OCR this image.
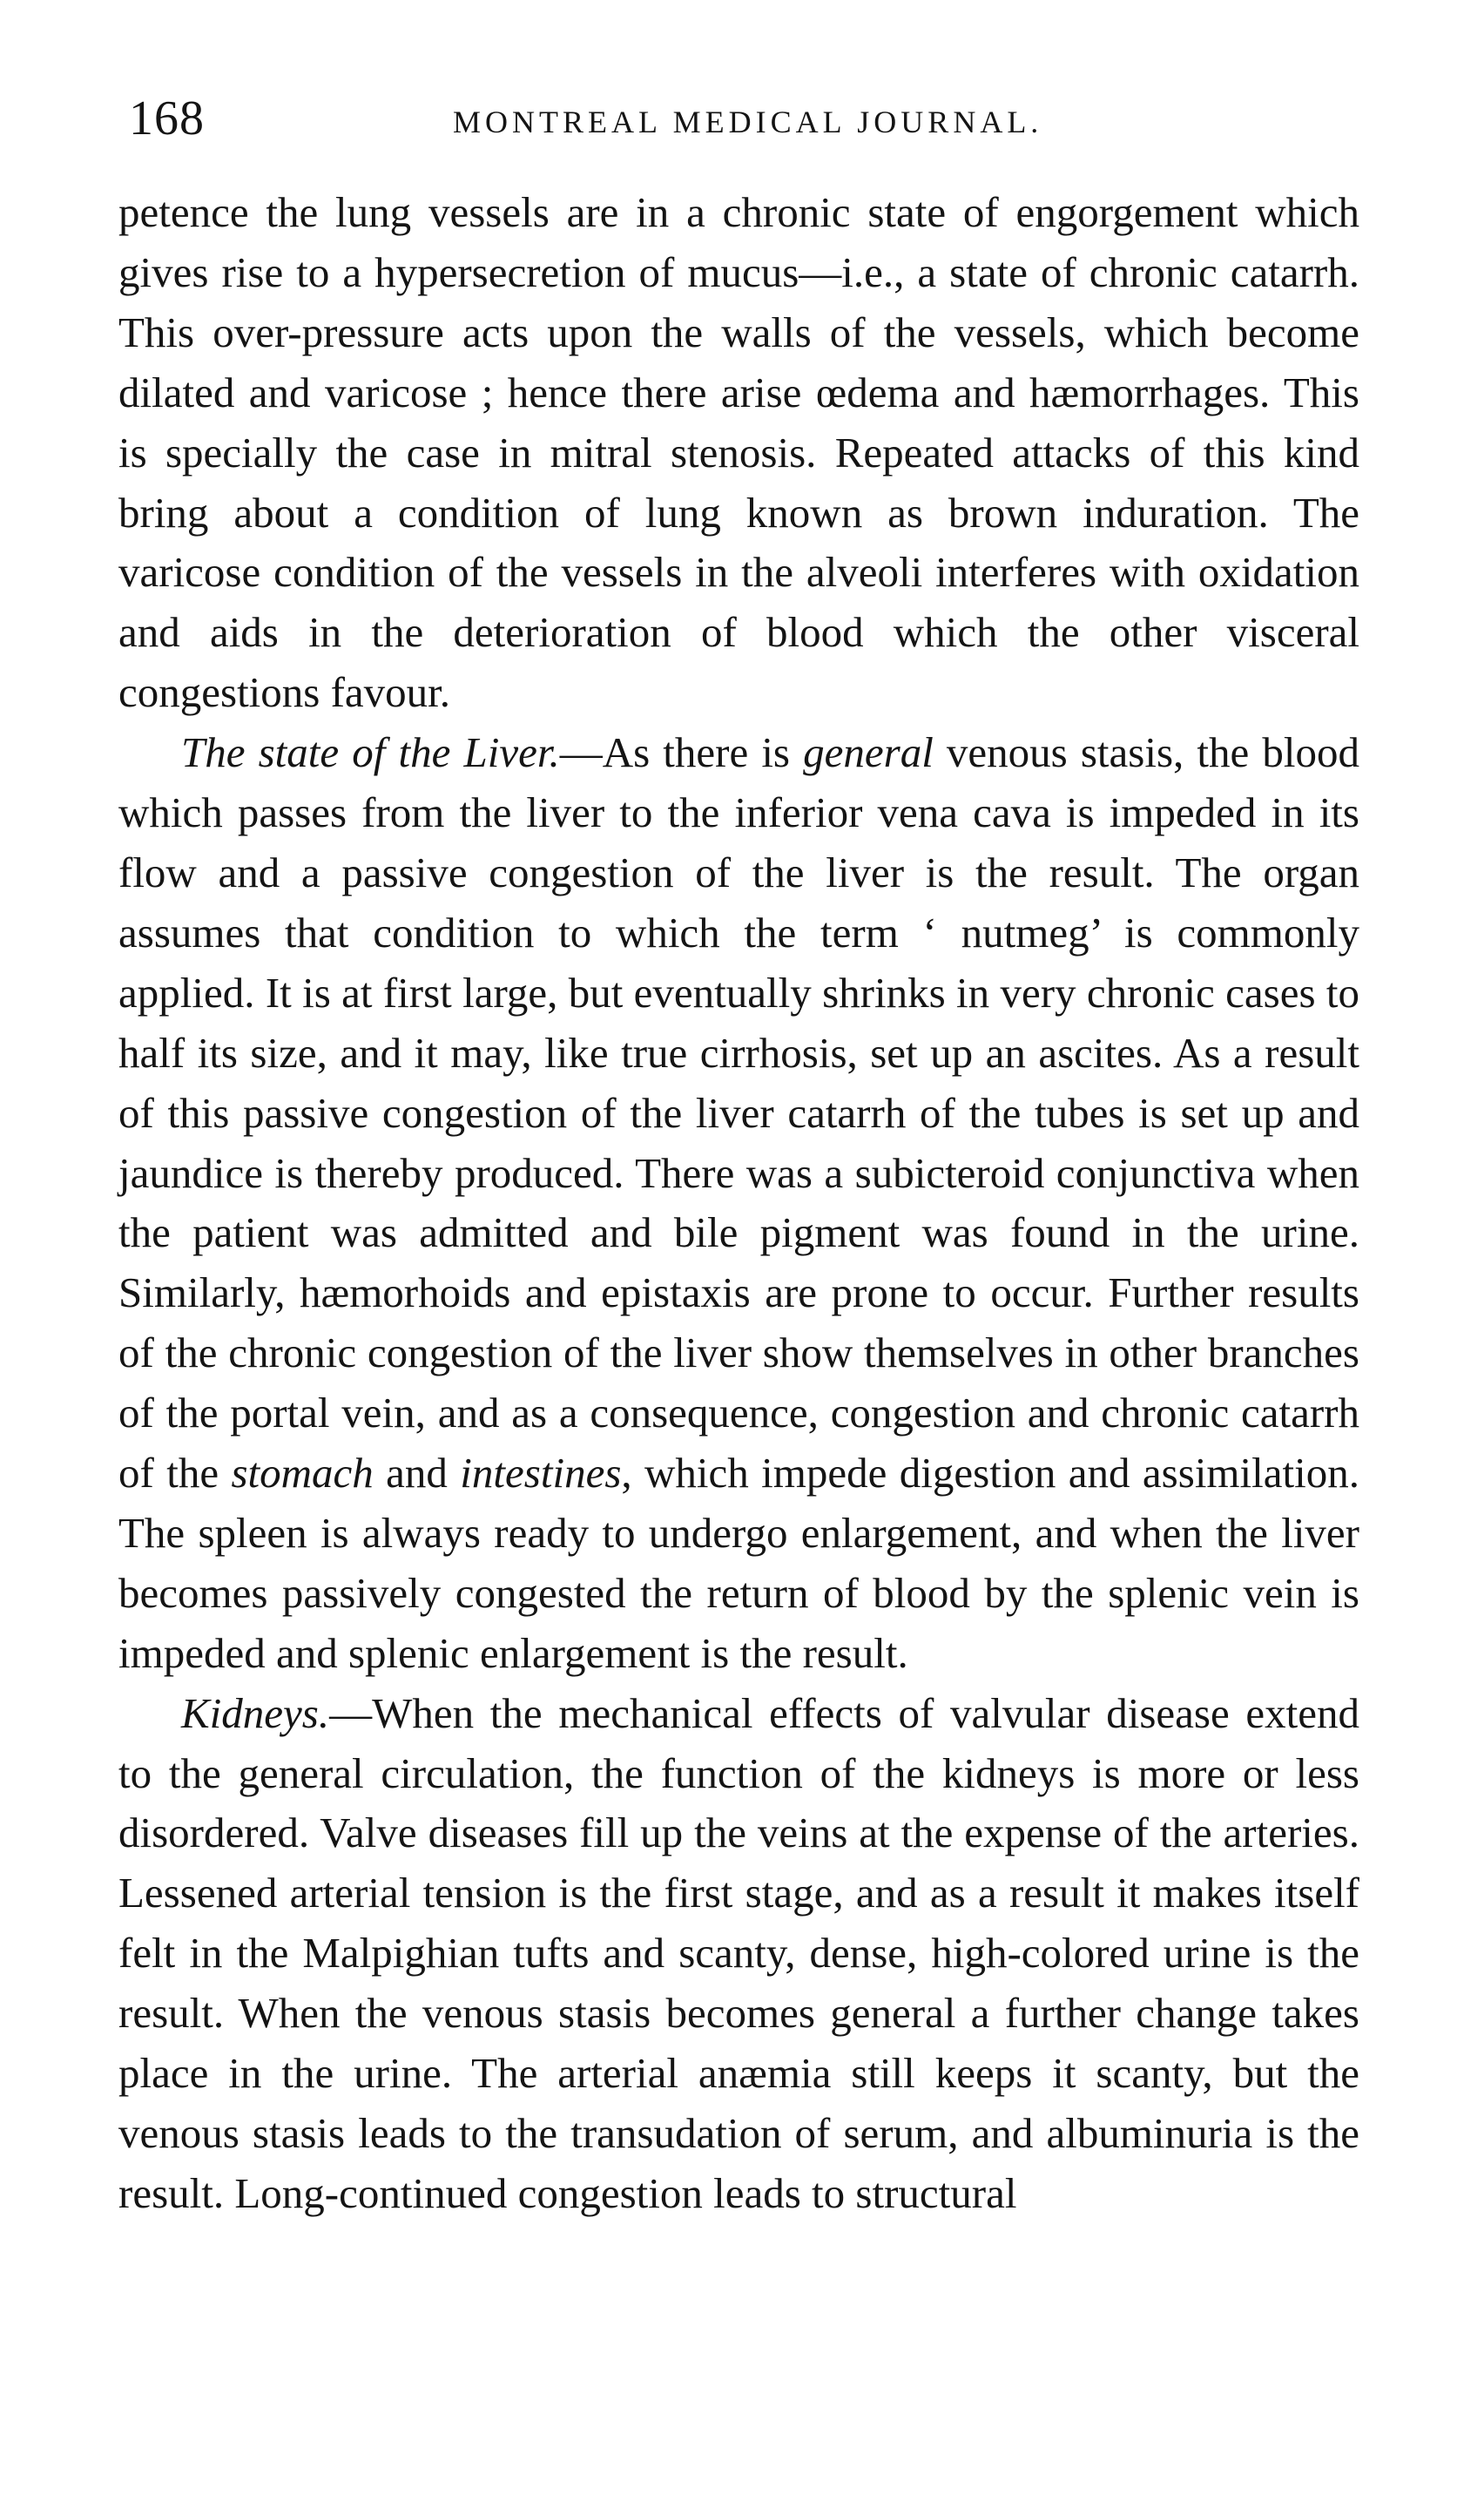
168	MONTREAL MEDICAL JOURNAL.

petence the lung vessels are in a chronic state of engorgement which gives rise to a hypersecretion of mucus—i.e., a state of chronic catarrh. This over-pressure acts upon the walls of the vessels, which become dilated and varicose ; hence there arise œdema and hæmorrhages. This is specially the case in mitral stenosis. Repeated attacks of this kind bring about a condition of lung known as brown induration. The varicose condition of the vessels in the alveoli interferes with oxidation and aids in the deterioration of blood which the other visceral congestions favour.

The state of the Liver.—As there is general venous stasis, the blood which passes from the liver to the inferior vena cava is impeded in its flow and a passive congestion of the liver is the result. The organ assumes that condition to which the term ‘ nutmeg’ is commonly applied. It is at first large, but eventually shrinks in very chronic cases to half its size, and it may, like true cirrhosis, set up an ascites. As a result of this passive congestion of the liver catarrh of the tubes is set up and jaundice is thereby produced. There was a subicteroid conjunctiva when the patient was admitted and bile pigment was found in the urine. Similarly, hæmorhoids and epistaxis are prone to occur. Further results of the chronic congestion of the liver show themselves in other branches of the portal vein, and as a consequence, congestion and chronic catarrh of the stomach and intestines, which impede digestion and assimilation. The spleen is always ready to undergo enlargement, and when the liver becomes passively congested the return of blood by the splenic vein is impeded and splenic enlargement is the result.

Kidneys.—When the mechanical effects of valvular disease extend to the general circulation, the function of the kidneys is more or less disordered. Valve diseases fill up the veins at the expense of the arteries. Lessened arterial tension is the first stage, and as a result it makes itself felt in the Malpighian tufts and scanty, dense, high-colored urine is the result. When the venous stasis becomes general a further change takes place in the urine. The arterial anæmia still keeps it scanty, but the venous stasis leads to the transudation of serum, and albuminuria is the result. Long-continued congestion leads to structural
